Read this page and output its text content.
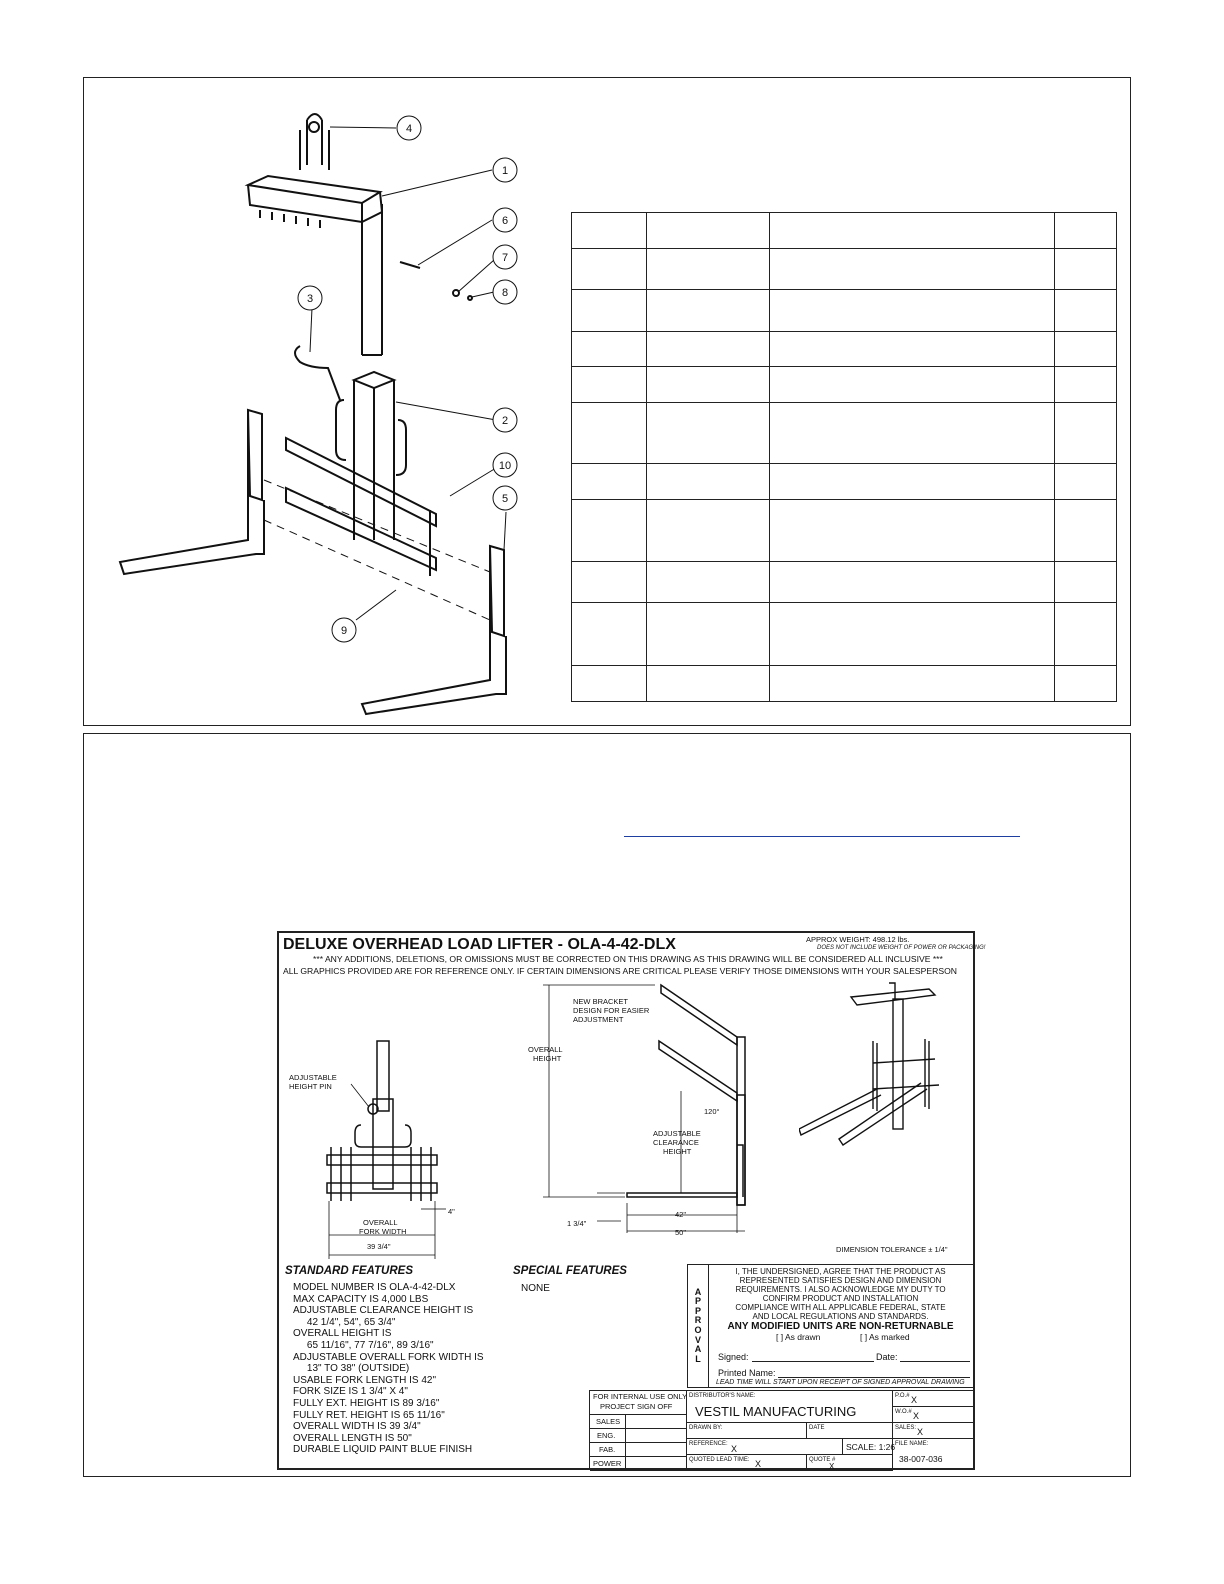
4
1
6
7
8
3
2
10
5
9

DELUXE OVERHEAD LOAD LIFTER - OLA-4-42-DLX	APPROX WEIGHT: 498.12 lbs.
DOES NOT INCLUDE WEIGHT OF POWER OR PACKAGING!
*** ANY ADDITIONS, DELETIONS, OR OMISSIONS MUST BE CORRECTED ON THIS DRAWING AS THIS DRAWING WILL BE CONSIDERED ALL INCLUSIVE ***
ALL GRAPHICS PROVIDED ARE FOR REFERENCE ONLY. IF CERTAIN DIMENSIONS ARE CRITICAL PLEASE VERIFY THOSE DIMENSIONS WITH YOUR SALESPERSON
ADJUSTABLE
HEIGHT PIN
4"
OVERALL
FORK WIDTH
39 3/4"
NEW BRACKET
DESIGN FOR EASIER
ADJUSTMENT
OVERALL
HEIGHT
120°
ADJUSTABLE
CLEARANCE
HEIGHT
42"
50"
1 3/4"
DIMENSION TOLERANCE ± 1/4"
STANDARD FEATURES
MODEL NUMBER IS OLA-4-42-DLX
MAX CAPACITY IS 4,000 LBS
ADJUSTABLE CLEARANCE HEIGHT IS
42 1/4", 54", 65 3/4"
OVERALL HEIGHT IS
65 11/16", 77 7/16", 89 3/16"
ADJUSTABLE OVERALL FORK WIDTH IS
13" TO 38" (OUTSIDE)
USABLE FORK LENGTH IS 42"
FORK SIZE IS 1 3/4" X 4"
FULLY EXT. HEIGHT IS 89 3/16"
FULLY RET. HEIGHT IS 65 11/16"
OVERALL WIDTH IS 39 3/4"
OVERALL LENGTH IS 50"
DURABLE LIQUID PAINT BLUE FINISH
SPECIAL FEATURES
NONE	A
P
P
R
O
V
A
L
I, THE UNDERSIGNED, AGREE THAT THE PRODUCT AS
REPRESENTED SATISFIES DESIGN AND DIMENSION
REQUIREMENTS. I ALSO ACKNOWLEDGE MY DUTY TO
CONFIRM PRODUCT AND INSTALLATION
COMPLIANCE WITH ALL APPLICABLE FEDERAL, STATE
AND LOCAL REGULATIONS AND STANDARDS.
ANY MODIFIED UNITS ARE NON-RETURNABLE
[ ] As drawn	[ ] As marked
Signed:	Date:
Printed Name:
LEAD TIME WILL START UPON RECEIPT OF SIGNED APPROVAL DRAWING
FOR INTERNAL USE ONLY
PROJECT SIGN OFF
SALES
ENG.
FAB.
POWER
DISTRIBUTOR'S NAME:
VESTIL MANUFACTURING
DRAWN BY:	DATE
REFERENCE: X	SCALE: 1:26
QUOTED LEAD TIME: X	QUOTE #
X
P.O.# X
W.O.# X
SALES: X
FILE NAME:
38-007-036
